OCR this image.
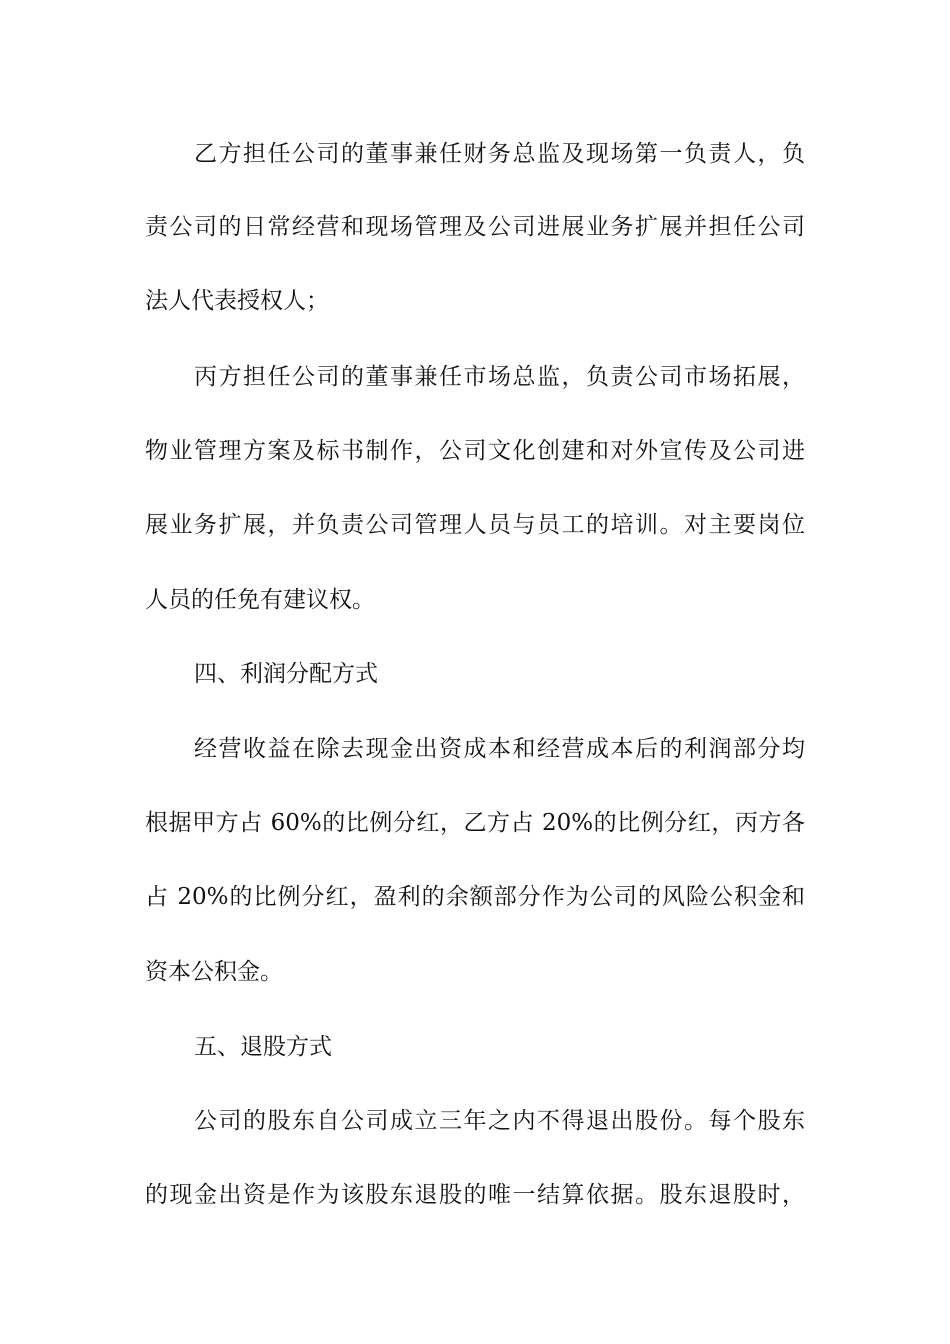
乙方担任公司的董事兼任财务总监及现场第一负责人，负
责公司的日常经营和现场管理及公司进展业务扩展并担任公司
法人代表授权人；
丙方担任公司的董事兼任市场总监，负责公司市场拓展，
物业管理方案及标书制作，公司文化创建和对外宣传及公司进
展业务扩展，并负责公司管理人员与员工的培训。对主要岗位
人员的任免有建议权。
四、利润分配方式
经营收益在除去现金出资成本和经营成本后的利润部分均
根据甲方占 60%的比例分红，乙方占 20%的比例分红，丙方各
占 20%的比例分红，盈利的余额部分作为公司的风险公积金和
资本公积金。
五、退股方式
公司的股东自公司成立三年之内不得退出股份。每个股东
的现金出资是作为该股东退股的唯一结算依据。股东退股时，
